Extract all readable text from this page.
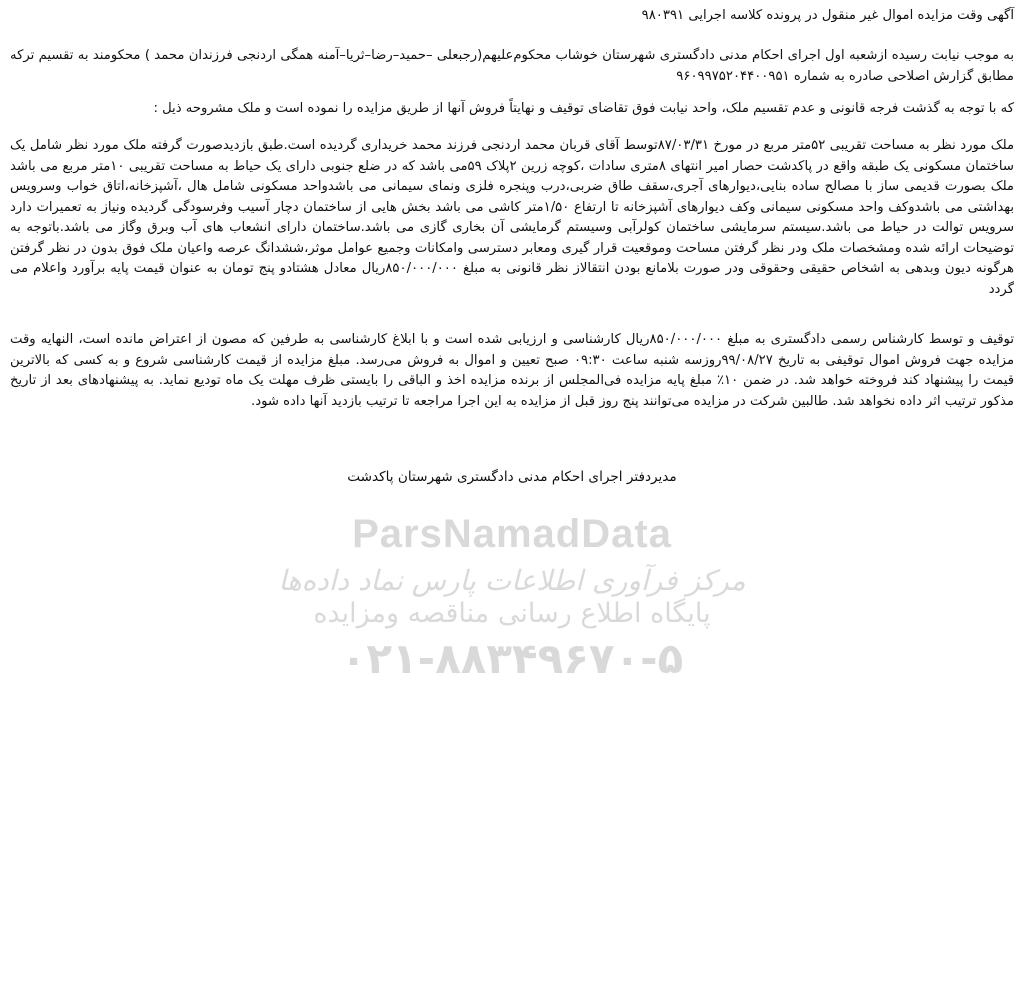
ParsNamadData
مرکز فرآوری اطلاعات پارس نماد داده‌ها
پایگاه اطلاع رسانی مناقصه ومزایده
۰۲۱-۸۸۳۴۹۶۷۰-۵
آگهی وقت مزایده اموال غیر منقول در پرونده کلاسه اجرایی ۹۸۰۳۹۱
به موجب نیابت رسیده ازشعبه اول اجرای احکام مدنی دادگستری شهرستان خوشاب محکوم‌علیهم(رجبعلی –حمید–رضا–ثریا–آمنه همگی اردنجی فرزندان محمد ) محکومند به تقسیم ترکه مطابق گزارش اصلاحی صادره به شماره ۹۶۰۹۹۷۵۲۰۴۴۰۰۹۵۱
که با توجه به گذشت فرجه قانونی و عدم تقسیم ملک، واحد نیابت فوق تقاضای توقیف و نهایتاً فروش آنها از طریق مزایده را نموده است و ملک مشروحه ذیل :
ملک مورد نظر به مساحت تقریبی ۵۲متر مربع در مورخ ۸۷/۰۳/۳۱توسط آقای قربان محمد اردنجی فرزند محمد خریداری گردیده است.طبق بازدیدصورت گرفته ملک مورد نظر شامل یک ساختمان مسکونی یک طبقه واقع در پاکدشت حصار امیر انتهای ۸متری سادات ،کوچه زرین ۲پلاک ۵۹می باشد که در ضلع جنوبی دارای یک حیاط به مساحت تقریبی ۱۰متر مربع می باشد ملک بصورت قدیمی ساز با مصالح ساده بنایی،دیوارهای آجری،سقف طاق ضربی،درب وپنجره فلزی ونمای سیمانی می باشدواحد مسکونی شامل هال ،آشپزخانه،اتاق خواب وسرویس بهداشتی می باشدوکف واحد مسکونی سیمانی وکف دیوارهای آشپزخانه تا ارتفاع ۱/۵۰متر کاشی می باشد بخش هایی از ساختمان دچار آسیب وفرسودگی گردیده ونیاز به تعمیرات دارد سرویس توالت در حیاط می باشد.سیستم سرمایشی ساختمان کولرآبی وسیستم گرمایشی آن بخاری گازی می باشد.ساختمان دارای انشعاب های آب وبرق وگاز می باشد.باتوجه به توضیحات ارائه شده ومشخصات ملک ودر نظر گرفتن مساحت وموقعیت قرار گیری ومعابر دسترسی وامکانات وجمیع عوامل موثر،ششدانگ عرصه واعیان ملک فوق بدون در نظر گرفتن هرگونه دیون وبدهی به اشخاص حقیقی وحقوقی ودر صورت بلامانع بودن انتقالاز نظر قانونی به مبلغ ۸۵۰/۰۰۰/۰۰۰ریال معادل هشتادو پنج تومان به عنوان قیمت پایه برآورد واعلام می گردد
توقیف و توسط کارشناس رسمی دادگستری به مبلغ ۸۵۰/۰۰۰/۰۰۰ریال کارشناسی و ارزیابی شده است و با ابلاغ کارشناسی به طرفین که مصون از اعتراض مانده است، النهایه وقت مزایده جهت فروش اموال توقیفی به تاریخ ۹۹/۰۸/۲۷روزسه شنبه ساعت ۰۹:۳۰ صبح تعیین و اموال به فروش می‌رسد. مبلغ مزایده از قیمت کارشناسی شروع و به کسی که بالاترین قیمت را پیشنهاد کند فروخته خواهد شد. در ضمن ۱۰٪ مبلغ پایه مزایده فی‌المجلس از برنده مزایده اخذ و الباقی را بایستی ظرف مهلت یک ماه تودیع نماید. به پیشنهادهای بعد از تاریخ مذکور ترتیب اثر داده نخواهد شد. طالبین شرکت در مزایده می‌توانند پنج روز قبل از مزایده به این اجرا مراجعه تا ترتیب بازدید آنها داده شود.
مدیردفتر اجرای احکام مدنی دادگستری شهرستان پاکدشت
